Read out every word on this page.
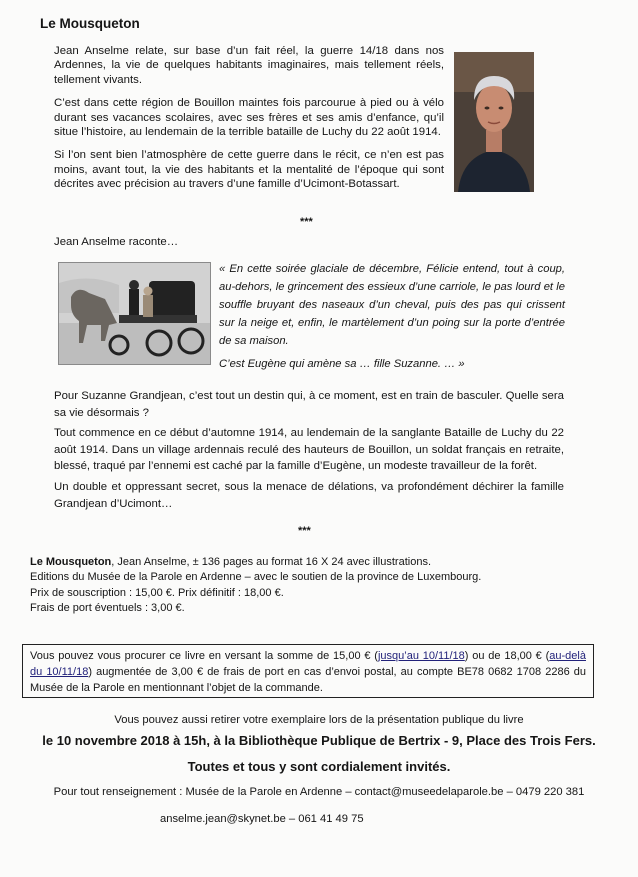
Le Mousqueton

Jean Anselme relate, sur base d’un fait réel, la guerre 14/18 dans nos Ardennes, la vie de quelques habitants imaginaires, mais tellement réels, tellement vivants.

C’est dans cette région de Bouillon maintes fois parcourue à pied ou à vélo durant ses vacances scolaires, avec ses frères et ses amis d’enfance, qu’il situe l’histoire, au lendemain de la terrible bataille de Luchy du 22 août 1914.

Si l’on sent bien l’atmosphère de cette guerre dans le récit, ce n’en est pas moins, avant tout, la vie des habitants et la mentalité de l’époque qui sont décrites avec précision au travers d’une famille d’Ucimont-Botassart.

***
Jean Anselme raconte…

« En cette soirée glaciale de décembre, Félicie entend, tout à coup, au-dehors, le grincement des essieux d’une carriole, le pas lourd et le souffle bruyant des naseaux d’un cheval, puis des pas qui crissent sur la neige et, enfin, le martèlement d’un poing sur la porte d’entrée de sa maison.

C’est Eugène qui amène sa … fille Suzanne. … »

Pour Suzanne Grandjean, c’est tout un destin qui, à ce moment, est en train de basculer. Quelle sera sa vie désormais ?

Tout commence en ce début d’automne 1914, au lendemain de la sanglante Bataille de Luchy du 22 août 1914. Dans un village ardennais reculé des hauteurs de Bouillon, un soldat français en retraite, blessé, traqué par l’ennemi est caché par la famille d’Eugène, un modeste travailleur de la forêt.

Un double et oppressant secret, sous la menace de délations, va profondément déchirer la famille Grandjean d’Ucimont…

***
Le Mousqueton, Jean Anselme, ± 136 pages au format 16 X 24 avec illustrations.
Editions du Musée de la Parole en Ardenne – avec le soutien de la province de Luxembourg.
Prix de souscription : 15,00 €. Prix définitif : 18,00 €.
Frais de port éventuels : 3,00 €.
Vous pouvez vous procurer ce livre en versant la somme de 15,00 € (jusqu’au 10/11/18) ou de 18,00 € (au-delà du 10/11/18) augmentée de 3,00 € de frais de port en cas d’envoi postal, au compte BE78 0682 1708 2286 du Musée de la Parole en mentionnant l’objet de la commande.
Vous pouvez aussi retirer votre exemplaire lors de la présentation publique du livre
le 10 novembre 2018 à 15h, à la Bibliothèque Publique de Bertrix - 9, Place des Trois Fers.
Toutes et tous y sont cordialement invités.
Pour tout renseignement : Musée de la Parole en Ardenne – contact@museedelaparole.be – 0479 220 381
anselme.jean@skynet.be – 061 41 49 75
